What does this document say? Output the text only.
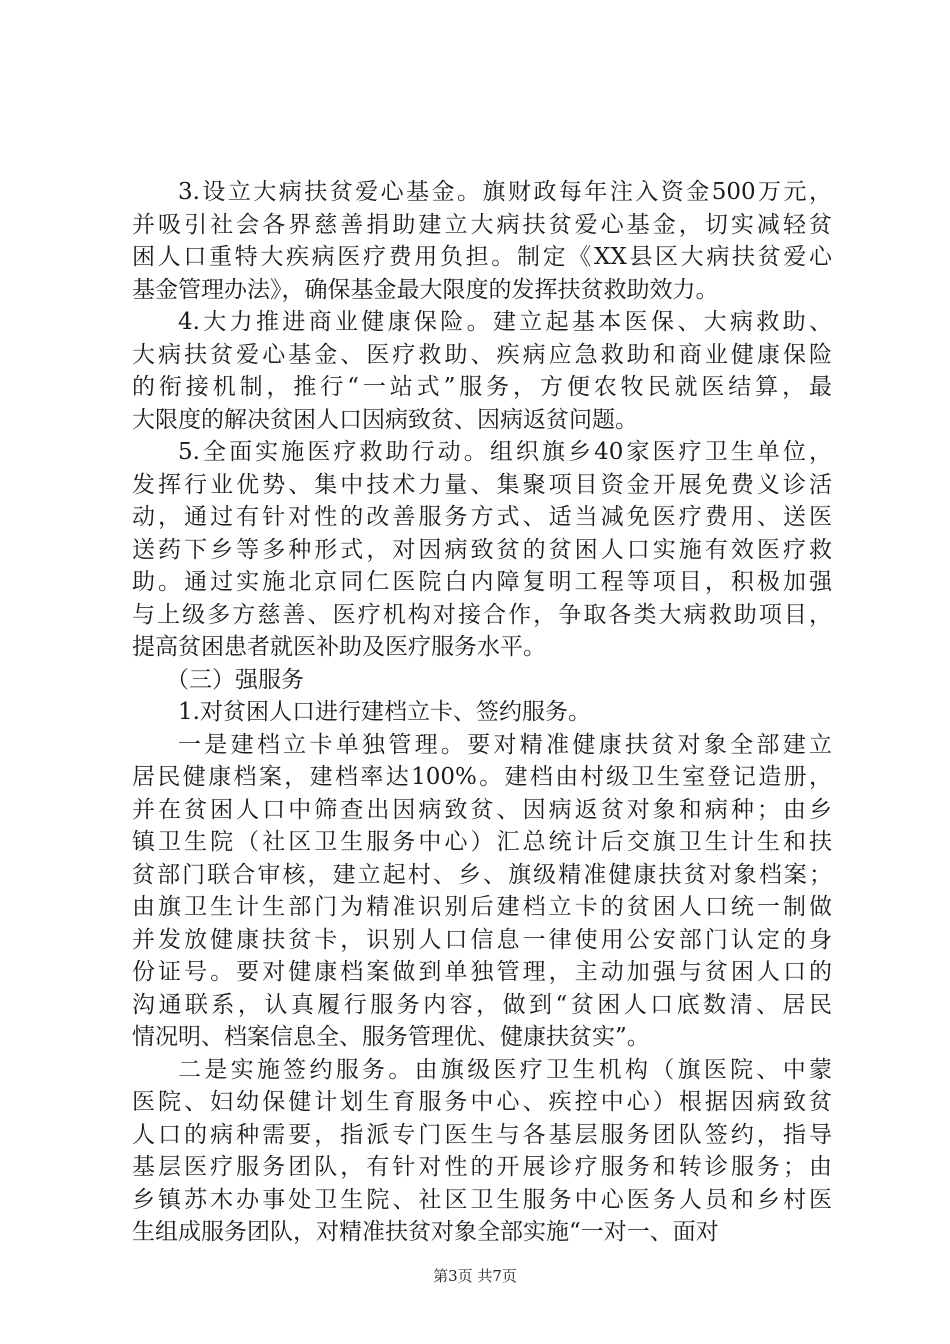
3.设立大病扶贫爱心基金。旗财政每年注入资金500万元，
并吸引社会各界慈善捐助建立大病扶贫爱心基金，切实减轻贫
困人口重特大疾病医疗费用负担。制定《XX县区大病扶贫爱心
基金管理办法》，确保基金最大限度的发挥扶贫救助效力。
4.大力推进商业健康保险。建立起基本医保、大病救助、
大病扶贫爱心基金、医疗救助、疾病应急救助和商业健康保险
的衔接机制，推行“一站式”服务，方便农牧民就医结算，最
大限度的解决贫困人口因病致贫、因病返贫问题。
5.全面实施医疗救助行动。组织旗乡40家医疗卫生单位，
发挥行业优势、集中技术力量、集聚项目资金开展免费义诊活
动，通过有针对性的改善服务方式、适当减免医疗费用、送医
送药下乡等多种形式，对因病致贫的贫困人口实施有效医疗救
助。通过实施北京同仁医院白内障复明工程等项目，积极加强
与上级多方慈善、医疗机构对接合作，争取各类大病救助项目，
提高贫困患者就医补助及医疗服务水平。
（三）强服务
1.对贫困人口进行建档立卡、签约服务。
一是建档立卡单独管理。要对精准健康扶贫对象全部建立
居民健康档案，建档率达100%。建档由村级卫生室登记造册，
并在贫困人口中筛查出因病致贫、因病返贫对象和病种；由乡
镇卫生院（社区卫生服务中心）汇总统计后交旗卫生计生和扶
贫部门联合审核，建立起村、乡、旗级精准健康扶贫对象档案；
由旗卫生计生部门为精准识别后建档立卡的贫困人口统一制做
并发放健康扶贫卡，识别人口信息一律使用公安部门认定的身
份证号。要对健康档案做到单独管理，主动加强与贫困人口的
沟通联系，认真履行服务内容，做到“贫困人口底数清、居民
情况明、档案信息全、服务管理优、健康扶贫实”。
二是实施签约服务。由旗级医疗卫生机构（旗医院、中蒙
医院、妇幼保健计划生育服务中心、疾控中心）根据因病致贫
人口的病种需要，指派专门医生与各基层服务团队签约，指导
基层医疗服务团队，有针对性的开展诊疗服务和转诊服务；由
乡镇苏木办事处卫生院、社区卫生服务中心医务人员和乡村医
生组成服务团队，对精准扶贫对象全部实施“一对一、面对
第3页 共7页
